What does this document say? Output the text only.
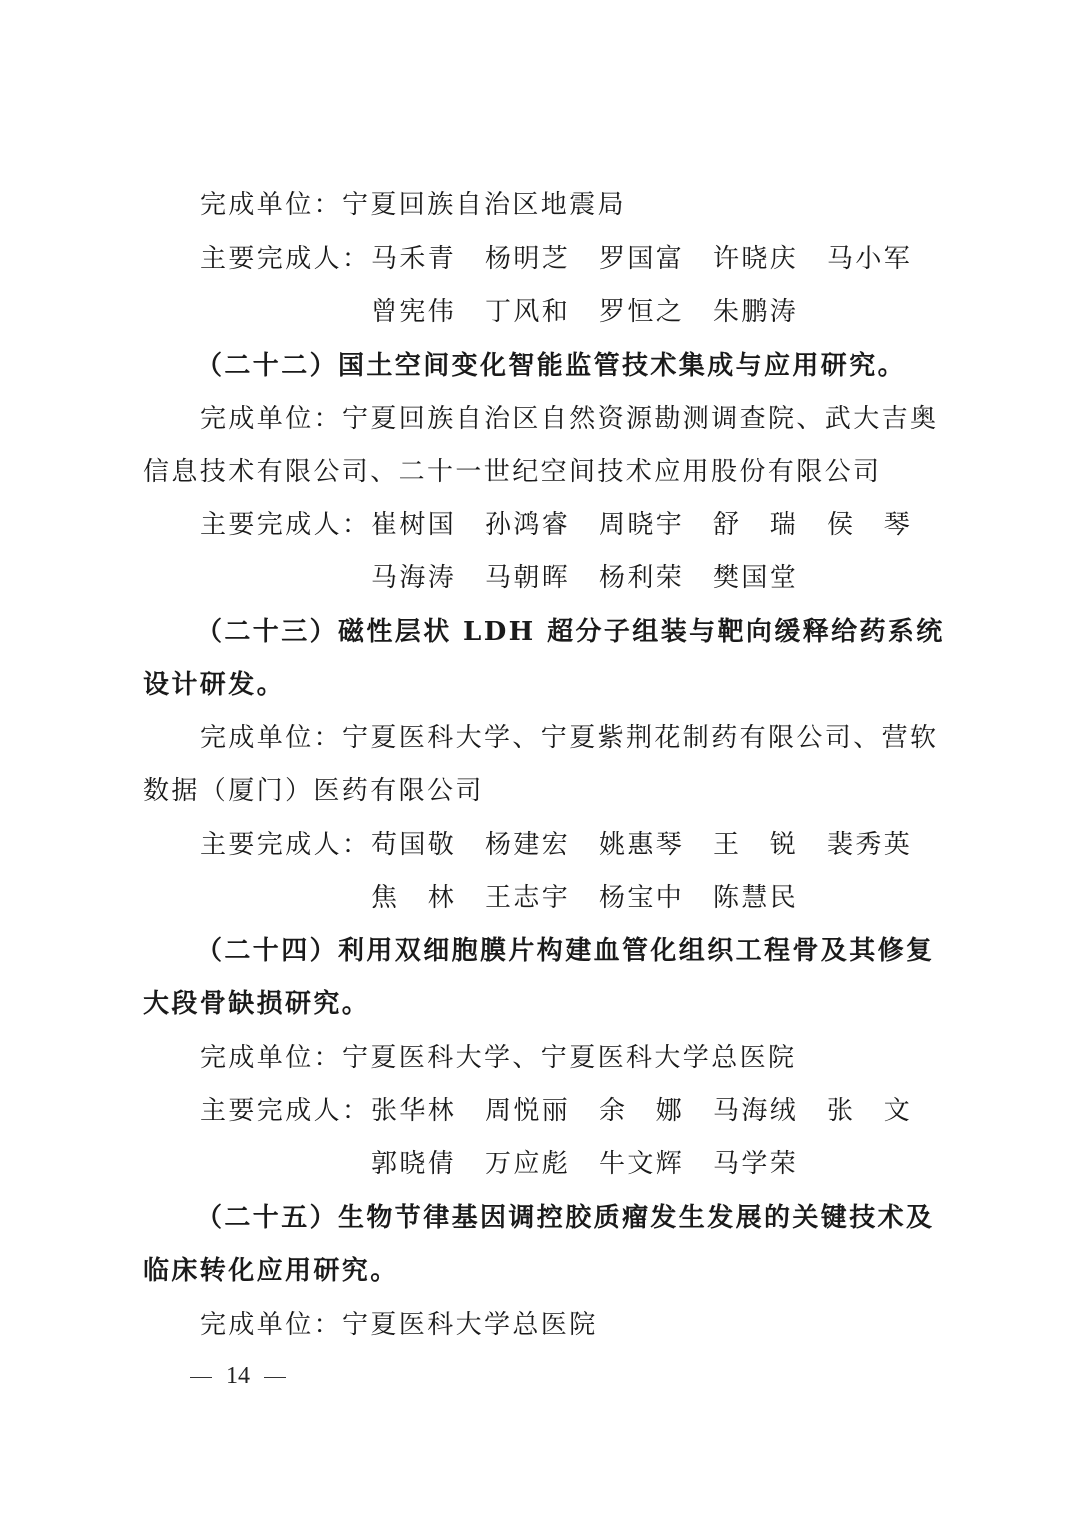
完成单位：宁夏回族自治区地震局
主要完成人： 马禾青	杨明芝	罗国富	许晓庆	马小军
曾宪伟	丁风和	罗恒之	朱鹏涛
（二十二）国土空间变化智能监管技术集成与应用研究。
完成单位：宁夏回族自治区自然资源勘测调查院、武大吉奥
信息技术有限公司、二十一世纪空间技术应用股份有限公司
主要完成人： 崔树国	孙鸿睿	周晓宇	舒　瑞	侯　琴
马海涛	马朝晖	杨利荣	樊国堂
（二十三）磁性层状 LDH 超分子组装与靶向缓释给药系统
设计研发。
完成单位：宁夏医科大学、宁夏紫荆花制药有限公司、营软
数据（厦门）医药有限公司
主要完成人： 苟国敬	杨建宏	姚惠琴	王　锐	裴秀英
焦　林	王志宇	杨宝中	陈慧民
（二十四）利用双细胞膜片构建血管化组织工程骨及其修复
大段骨缺损研究。
完成单位：宁夏医科大学、宁夏医科大学总医院
主要完成人： 张华林	周悦丽	余　娜	马海绒	张　文
郭晓倩	万应彪	牛文辉	马学荣
（二十五）生物节律基因调控胶质瘤发生发展的关键技术及
临床转化应用研究。
完成单位：宁夏医科大学总医院
14
